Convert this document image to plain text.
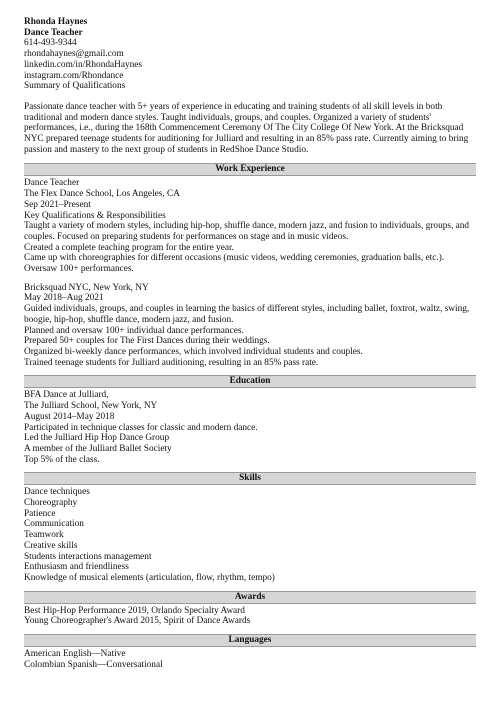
Rhonda Haynes
Dance Teacher
614-493-9344
rhondahaynes@gmail.com
linkedin.com/in/RhondaHaynes
instagram.com/Rhondance
Summary of Qualifications
Passionate dance teacher with 5+ years of experience in educating and training students of all skill levels in both
traditional and modern dance styles. Taught individuals, groups, and couples. Organized a variety of students'
performances, i.e., during the 168th Commencement Ceremony Of The City College Of New York. At the Bricksquad
NYC prepared teenage students for auditioning for Julliard and resulting in an 85% pass rate. Currently aiming to bring
passion and mastery to the next group of students in RedShoe Dance Studio.
Work Experience
Dance Teacher
The Flex Dance School, Los Angeles, CA
Sep 2021–Present
Key Qualifications & Responsibilities
Taught a variety of modern styles, including hip-hop, shuffle dance, modern jazz, and fusion to individuals, groups, and
couples. Focused on preparing students for performances on stage and in music videos.
Created a complete teaching program for the entire year.
Came up with choreographies for different occasions (music videos, wedding ceremonies, graduation balls, etc.).
Oversaw 100+ performances.
Bricksquad NYC, New York, NY
May 2018–Aug 2021
Guided individuals, groups, and couples in learning the basics of different styles, including ballet, foxtrot, waltz, swing,
boogie, hip-hop, shuffle dance, modern jazz, and fusion.
Planned and oversaw 100+ individual dance performances.
Prepared 50+ couples for The First Dances during their weddings.
Organized bi-weekly dance performances, which involved individual students and couples.
Trained teenage students for Julliard auditioning, resulting in an 85% pass rate.
Education
BFA Dance at Julliard,
The Julliard School, New York, NY
August 2014–May 2018
Participated in technique classes for classic and modern dance.
Led the Julliard Hip Hop Dance Group
A member of the Julliard Ballet Society
Top 5% of the class.
Skills
Dance techniques
Choreography
Patience
Communication
Teamwork
Creative skills
Students interactions management
Enthusiasm and friendliness
Knowledge of musical elements (articulation, flow, rhythm, tempo)
Awards
Best Hip-Hop Performance 2019, Orlando Specialty Award
Young Choreographer's Award 2015, Spirit of Dance Awards
Languages
American English—Native
Colombian Spanish—Conversational
